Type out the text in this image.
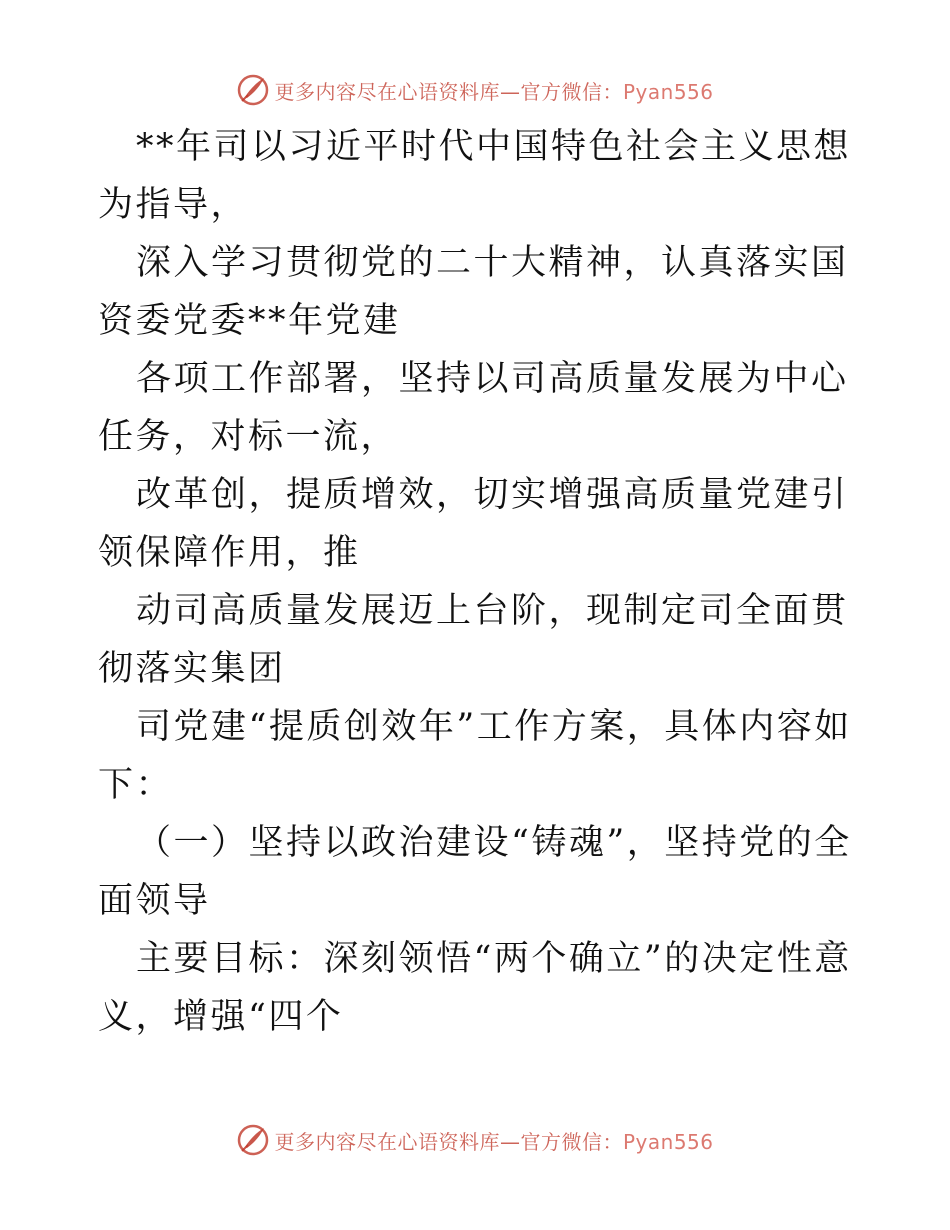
更多内容尽在心语资料库—官方微信：Pyan556

**年司以习近平时代中国特色社会主义思想为指导，

深入学习贯彻党的二十大精神，认真落实国资委党委**年党建

各项工作部署，坚持以司高质量发展为中心任务，对标一流，

改革创，提质增效，切实增强高质量党建引领保障作用，推

动司高质量发展迈上台阶，现制定司全面贯彻落实集团

司党建“提质创效年”工作方案，具体内容如下：

（一）坚持以政治建设“铸魂”，坚持党的全面领导

主要目标：深刻领悟“两个确立”的决定性意义，增强“四个

更多内容尽在心语资料库—官方微信：Pyan556
